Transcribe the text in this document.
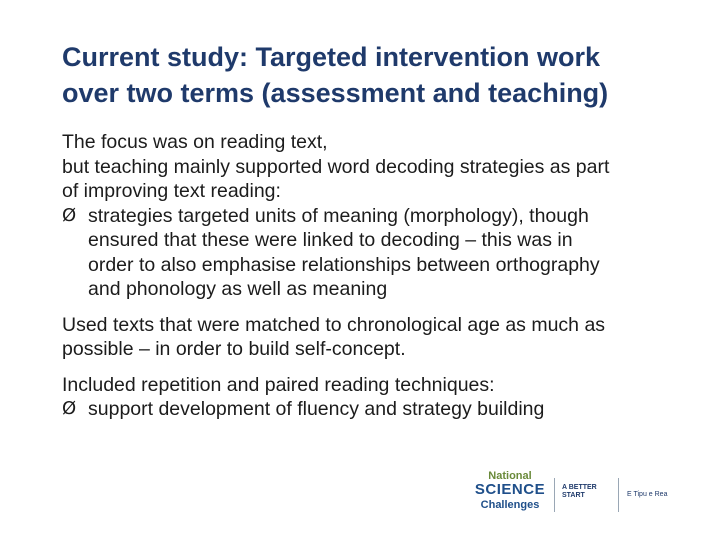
Current study: Targeted intervention work
over two terms (assessment and teaching)
The focus was on reading text,
but teaching mainly supported word decoding strategies as part
of improving text reading:
Ø strategies targeted units of meaning (morphology), though
ensured that these were linked to decoding – this was in
order to also emphasise relationships between orthography
and phonology as well as meaning
Used texts that were matched to chronological age as much as
possible – in order to build self-concept.
Included repetition and paired reading techniques:
Ø support development of fluency and strategy building
National
SCIENCE
Challenges
A BETTER START	E Tipu e Rea
